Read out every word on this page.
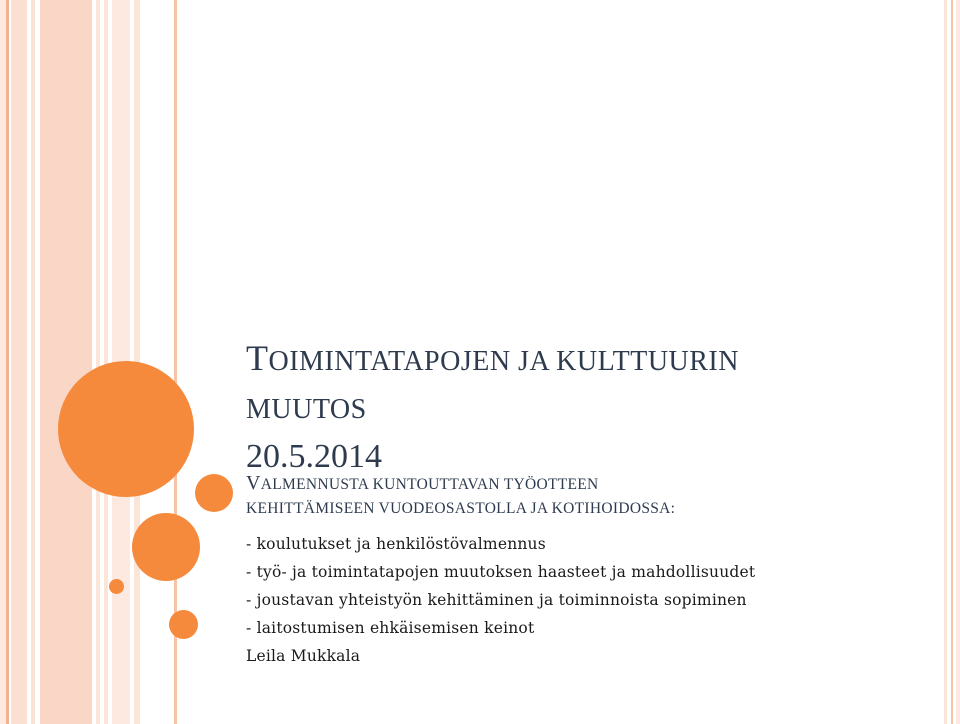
TOIMINTATAPOJEN JA KULTTUURIN
MUUTOS
20.5.2014
VALMENNUSTA KUNTOUTTAVAN TYÖOTTEEN
KEHITTÄMISEEN VUODEOSASTOLLA JA KOTIHOIDOSSA:
- koulutukset ja henkilöstövalmennus
- työ- ja toimintatapojen muutoksen haasteet ja mahdollisuudet
- joustavan yhteistyön kehittäminen ja toiminnoista sopiminen
- laitostumisen ehkäisemisen keinot
Leila Mukkala
